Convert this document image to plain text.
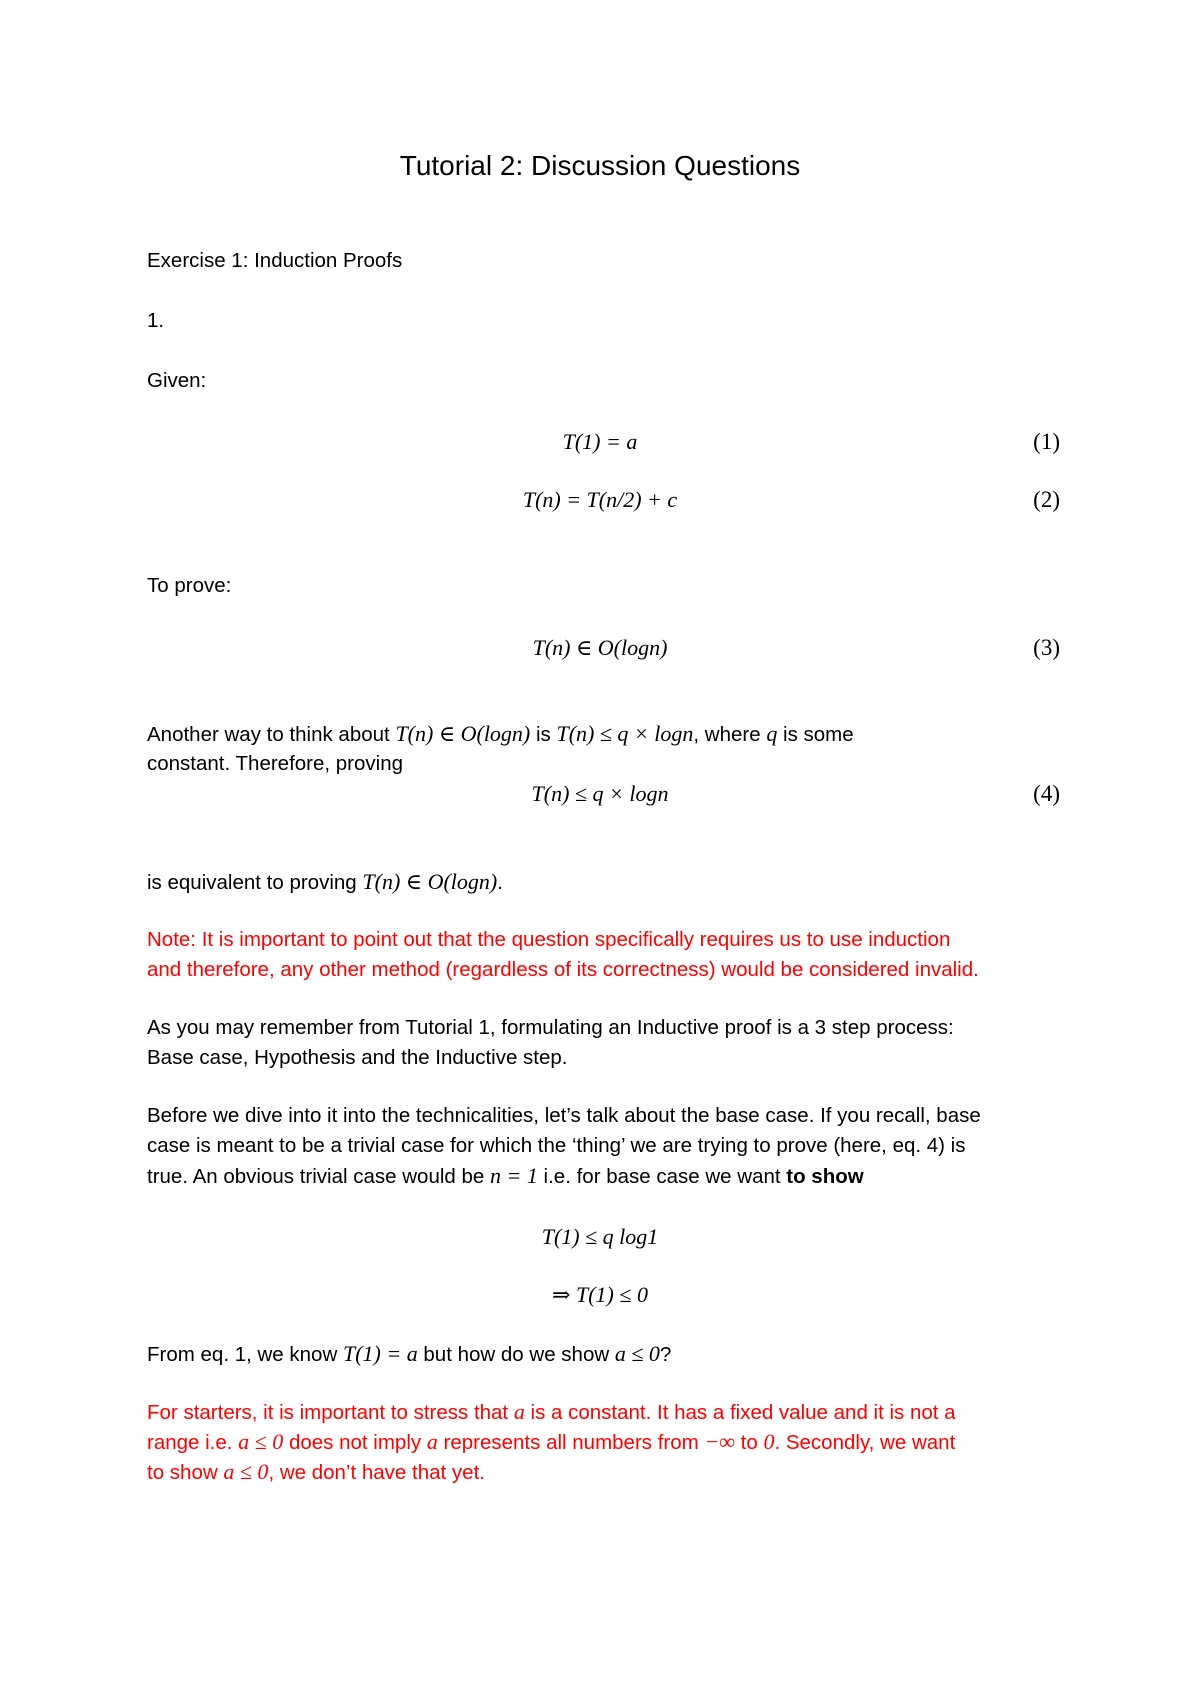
Tutorial 2: Discussion Questions
Exercise 1: Induction Proofs
1.
Given:
T(1) = a	(1)
T(n) = T(n/2) + c	(2)
To prove:
T(n) ∈ O(logn)	(3)
Another way to think about T(n) ∈ O(logn) is T(n) ≤ q × logn, where q is some
constant. Therefore, proving
T(n) ≤ q × logn	(4)
is equivalent to proving T(n) ∈ O(logn).
Note: It is important to point out that the question specifically requires us to use induction
and therefore, any other method (regardless of its correctness) would be considered invalid.
As you may remember from Tutorial 1, formulating an Inductive proof is a 3 step process:
Base case, Hypothesis and the Inductive step.
Before we dive into it into the technicalities, let’s talk about the base case. If you recall, base
case is meant to be a trivial case for which the ‘thing’ we are trying to prove (here, eq. 4) is
true. An obvious trivial case would be n = 1 i.e. for base case we want to show
T(1) ≤ q log1
⇒ T(1) ≤ 0
From eq. 1, we know T(1) = a but how do we show a ≤ 0?
For starters, it is important to stress that a is a constant. It has a fixed value and it is not a
range i.e. a ≤ 0 does not imply a represents all numbers from −∞ to 0. Secondly, we want
to show a ≤ 0, we don’t have that yet.
